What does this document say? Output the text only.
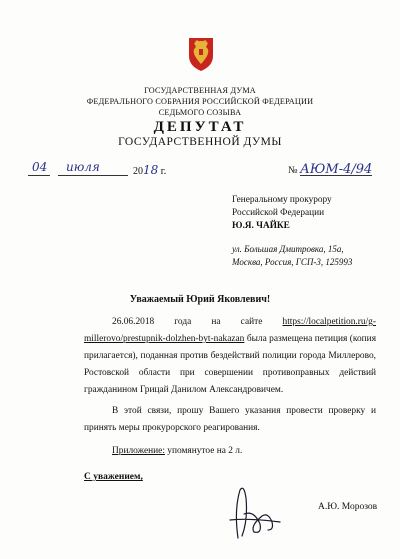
ГОСУДАРСТВЕННАЯ ДУМА
ФЕДЕРАЛЬНОГО СОБРАНИЯ РОССИЙСКОЙ ФЕДЕРАЦИИ
СЕДЬМОГО СОЗЫВА
ДЕПУТАТ
ГОСУДАРСТВЕННОЙ ДУМЫ
04 июля	2018 г.	№ АЮМ-4/94
Генеральному прокурору
Российской Федерации
Ю.Я. ЧАЙКЕ
ул. Большая Дмитровка, 15а,
Москва, Россия, ГСП-3, 125993
Уважаемый Юрий Яковлевич!
26.06.2018 года на сайте https://localpetition.ru/g-millerovo/prestupnik-dolzhen-byt-nakazan была размещена петиция (копия прилагается), поданная против бездействий полиции города Миллерово, Ростовской области при совершении противоправных действий гражданином Грицай Данилом Александровичем.
В этой связи, прошу Вашего указания провести проверку и принять меры прокурорского реагирования.
Приложение: упомянутое на 2 л.
С уважением,
А.Ю. Морозов
